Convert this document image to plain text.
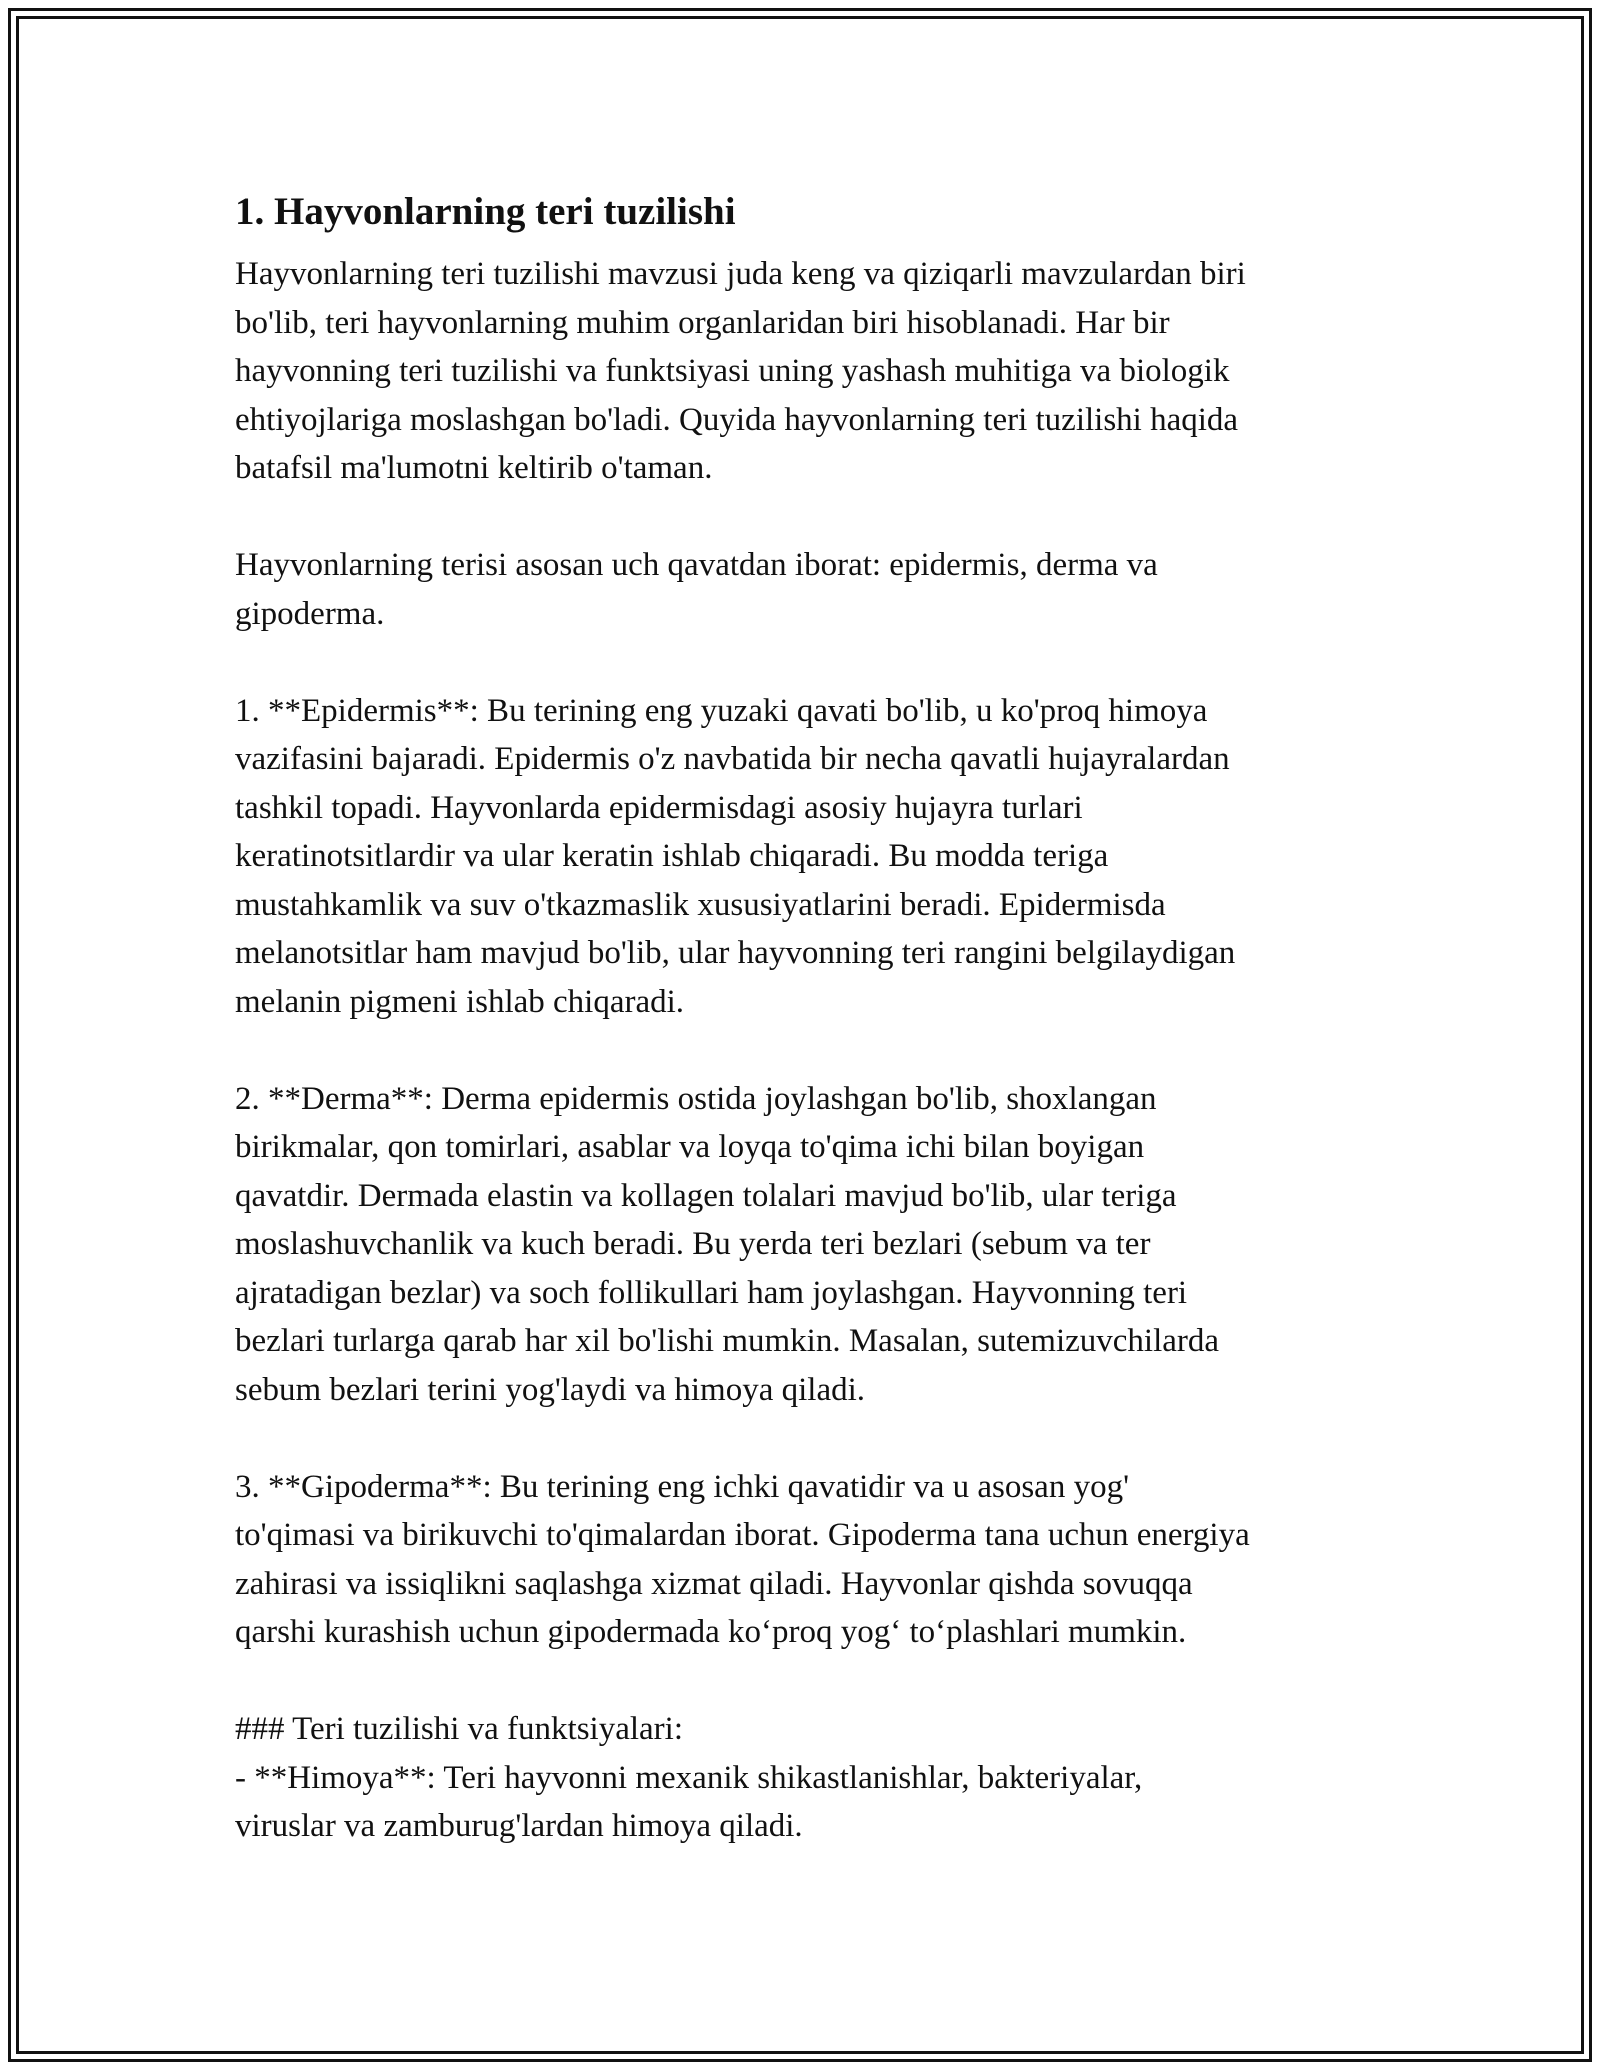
1. Hayvonlarning teri tuzilishi
Hayvonlarning teri tuzilishi mavzusi juda keng va qiziqarli mavzulardan biri
bo'lib, teri hayvonlarning muhim organlaridan biri hisoblanadi. Har bir
hayvonning teri tuzilishi va funktsiyasi uning yashash muhitiga va biologik
ehtiyojlariga moslashgan bo'ladi. Quyida hayvonlarning teri tuzilishi haqida
batafsil ma'lumotni keltirib o'taman.
Hayvonlarning terisi asosan uch qavatdan iborat: epidermis, derma va
gipoderma.
1. **Epidermis**: Bu terining eng yuzaki qavati bo'lib, u ko'proq himoya
vazifasini bajaradi. Epidermis o'z navbatida bir necha qavatli hujayralardan
tashkil topadi. Hayvonlarda epidermisdagi asosiy hujayra turlari
keratinotsitlardir va ular keratin ishlab chiqaradi. Bu modda teriga
mustahkamlik va suv o'tkazmaslik xususiyatlarini beradi. Epidermisda
melanotsitlar ham mavjud bo'lib, ular hayvonning teri rangini belgilaydigan
melanin pigmeni ishlab chiqaradi.
2. **Derma**: Derma epidermis ostida joylashgan bo'lib, shoxlangan
birikmalar, qon tomirlari, asablar va loyqa to'qima ichi bilan boyigan
qavatdir. Dermada elastin va kollagen tolalari mavjud bo'lib, ular teriga
moslashuvchanlik va kuch beradi. Bu yerda teri bezlari (sebum va ter
ajratadigan bezlar) va soch follikullari ham joylashgan. Hayvonning teri
bezlari turlarga qarab har xil bo'lishi mumkin. Masalan, sutemizuvchilarda
sebum bezlari terini yog'laydi va himoya qiladi.
3. **Gipoderma**: Bu terining eng ichki qavatidir va u asosan yog'
to'qimasi va birikuvchi to'qimalardan iborat. Gipoderma tana uchun energiya
zahirasi va issiqlikni saqlashga xizmat qiladi. Hayvonlar qishda sovuqqa
qarshi kurashish uchun gipodermada ko‘proq yog‘ to‘plashlari mumkin.
### Teri tuzilishi va funktsiyalari:
- **Himoya**: Teri hayvonni mexanik shikastlanishlar, bakteriyalar,
viruslar va zamburug'lardan himoya qiladi.
